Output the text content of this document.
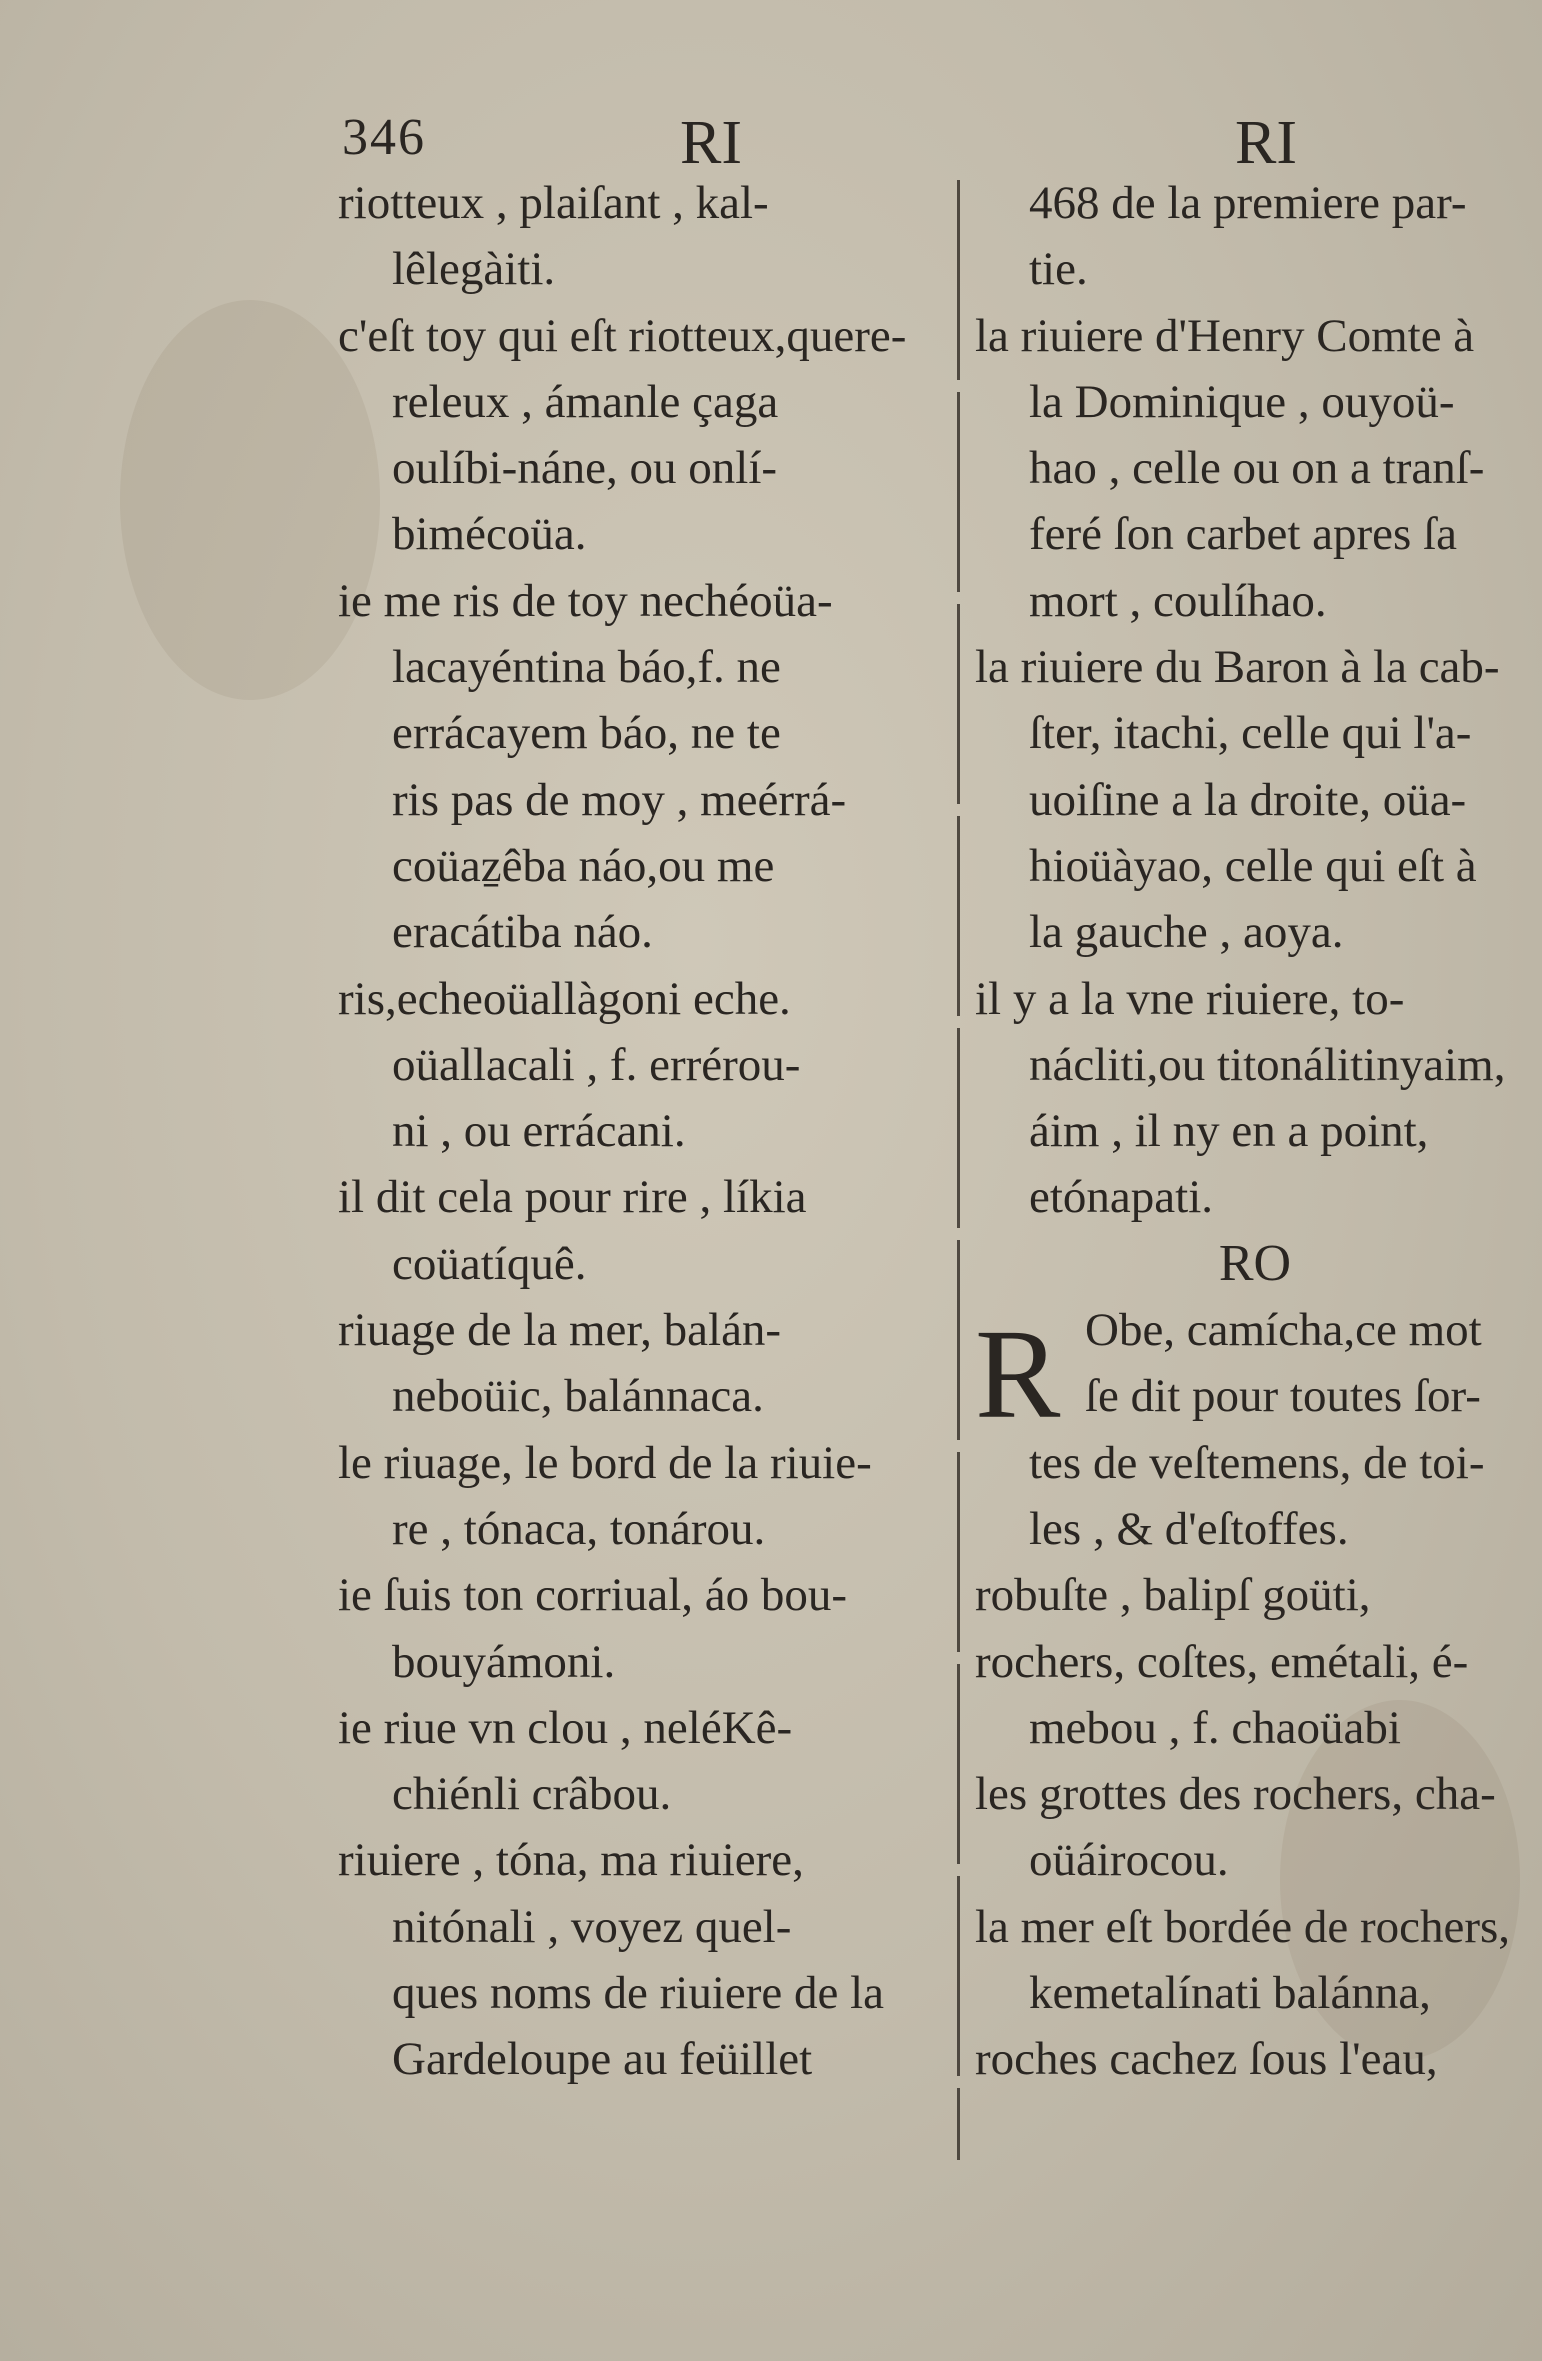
346	RI	RI
riotteux , plaiſant , kal-
lêlegàiti.
c'eſt toy qui eſt riotteux,quere-
releux , ámanle çaga
oulíbi-náne, ou onlí-
bimécoüa.
ie me ris de toy nechéoüa-
lacayéntina báo,f. ne
errácayem báo, ne te
ris pas de moy , meérrá-
coüaẕêba náo,ou me
eracátiba náo.
ris,echeoüallàgoni eche.
oüallacali , f. errérou-
ni , ou errácani.
il dit cela pour rire , líkia
coüatíquê.
riuage de la mer, balán-
neboüic, balánnaca.
le riuage, le bord de la riuie-
re , tónaca, tonárou.
ie ſuis ton corriual, áo bou-
bouyámoni.
ie riue vn clou , neléKê-
chiénli crâbou.
riuiere , tóna, ma riuiere,
nitónali , voyez quel-
ques noms de riuiere de la
Gardeloupe au feüillet
468 de la premiere par-
tie.
la riuiere d'Henry Comte à
la Dominique , ouyoü-
hao , celle ou on a tranſ-
feré ſon carbet apres ſa
mort , coulíhao.
la riuiere du Baron à la cab-
ſter, itachi, celle qui l'a-
uoiſine a la droite, oüa-
hioüàyao, celle qui eſt à
la gauche , aoya.
il y a la vne riuiere, to-
nácliti,ou titonálitinyaim,
áim , il ny en a point,
etónapati.
RO
Obe, camícha,ce mot
ſe dit pour toutes ſor-
tes de veſtemens, de toi-
les , & d'eſtoffes.
robuſte , balipſ goüti,
rochers, coſtes, emétali, é-
mebou , f. chaoüabi
les grottes des rochers, cha-
oüáirocou.
la mer eſt bordée de rochers,
kemetalínati balánna,
roches cachez ſous l'eau,
R
